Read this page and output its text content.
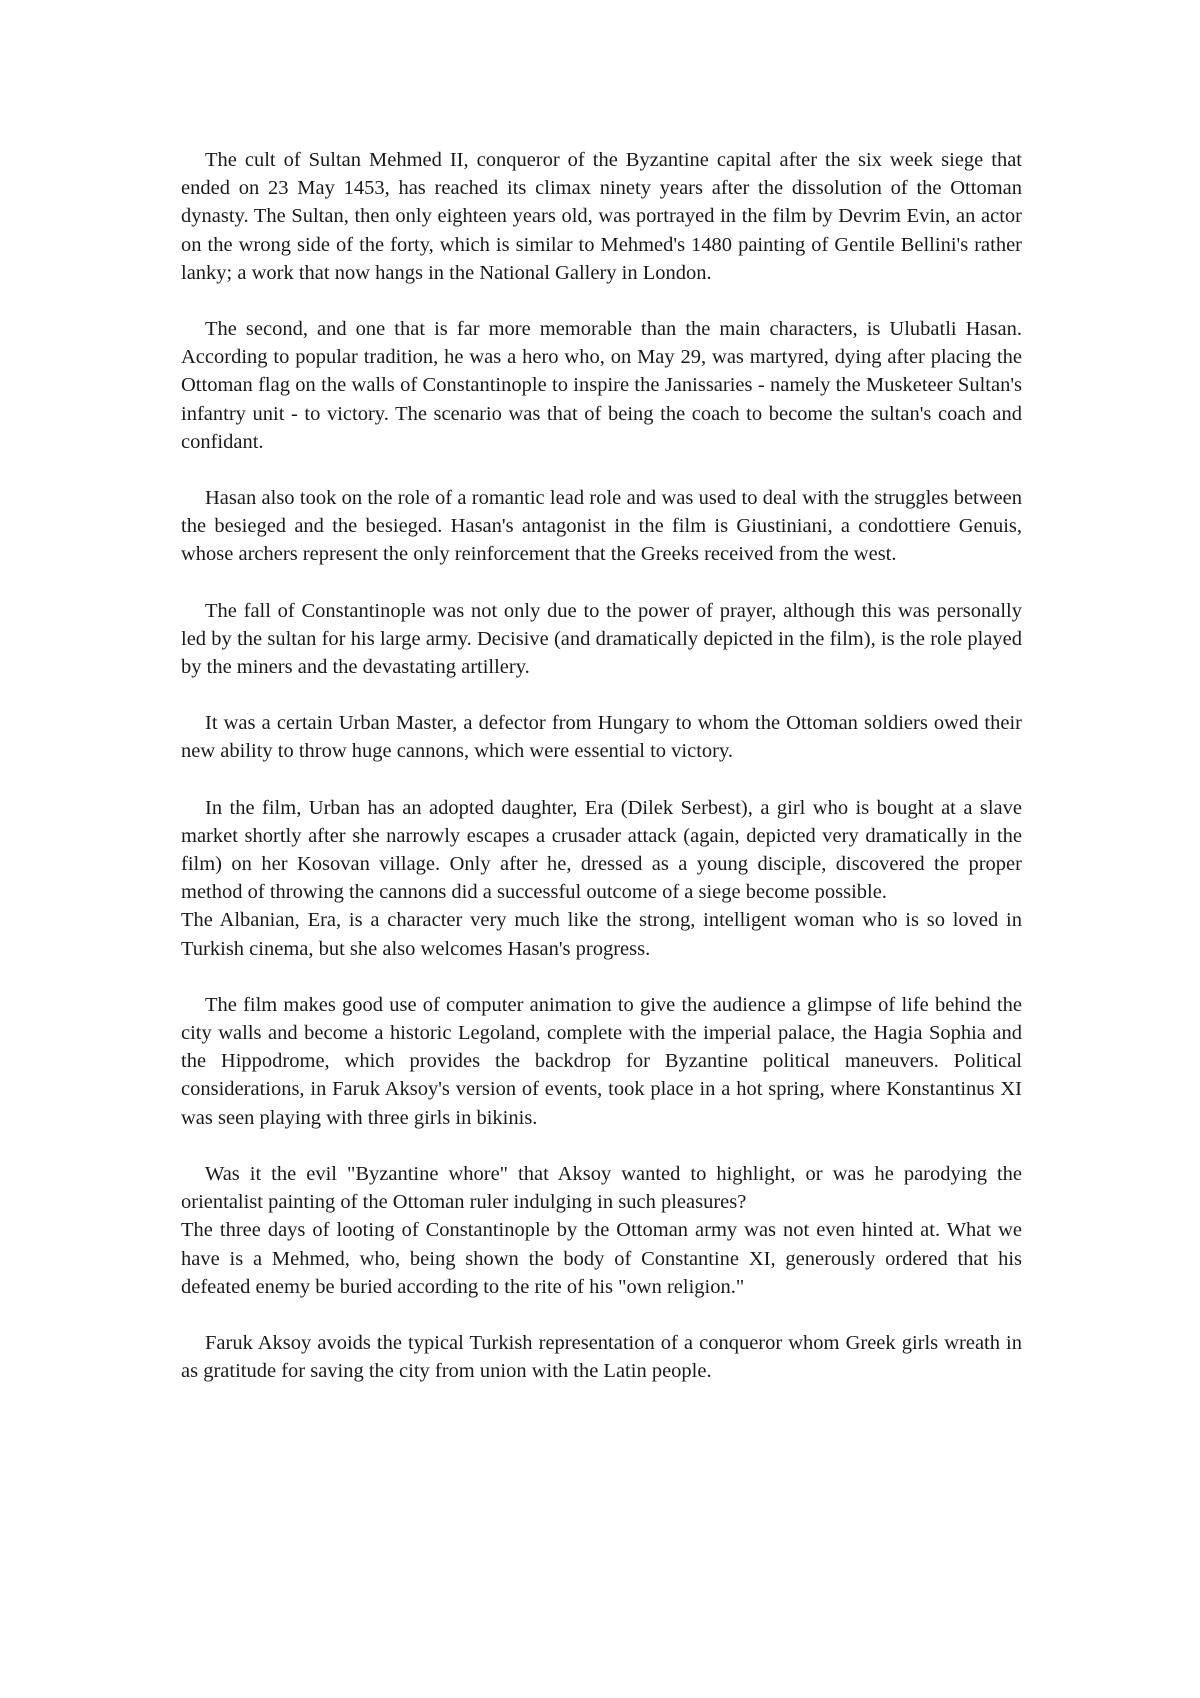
The cult of Sultan Mehmed II, conqueror of the Byzantine capital after the six week siege that ended on 23 May 1453, has reached its climax ninety years after the dissolution of the Ottoman dynasty. The Sultan, then only eighteen years old, was portrayed in the film by Devrim Evin, an actor on the wrong side of the forty, which is similar to Mehmed's 1480 painting of Gentile Bellini's rather lanky; a work that now hangs in the National Gallery in London.

The second, and one that is far more memorable than the main characters, is Ulubatli Hasan. According to popular tradition, he was a hero who, on May 29, was martyred, dying after placing the Ottoman flag on the walls of Constantinople to inspire the Janissaries - namely the Musketeer Sultan's infantry unit - to victory. The scenario was that of being the coach to become the sultan's coach and confidant.

Hasan also took on the role of a romantic lead role and was used to deal with the struggles between the besieged and the besieged. Hasan's antagonist in the film is Giustiniani, a condottiere Genuis, whose archers represent the only reinforcement that the Greeks received from the west.

The fall of Constantinople was not only due to the power of prayer, although this was personally led by the sultan for his large army. Decisive (and dramatically depicted in the film), is the role played by the miners and the devastating artillery.

It was a certain Urban Master, a defector from Hungary to whom the Ottoman soldiers owed their new ability to throw huge cannons, which were essential to victory.

In the film, Urban has an adopted daughter, Era (Dilek Serbest), a girl who is bought at a slave market shortly after she narrowly escapes a crusader attack (again, depicted very dramatically in the film) on her Kosovan village. Only after he, dressed as a young disciple, discovered the proper method of throwing the cannons did a successful outcome of a siege become possible.

The Albanian, Era, is a character very much like the strong, intelligent woman who is so loved in Turkish cinema, but she also welcomes Hasan's progress.

The film makes good use of computer animation to give the audience a glimpse of life behind the city walls and become a historic Legoland, complete with the imperial palace, the Hagia Sophia and the Hippodrome, which provides the backdrop for Byzantine political maneuvers. Political considerations, in Faruk Aksoy's version of events, took place in a hot spring, where Konstantinus XI was seen playing with three girls in bikinis.

Was it the evil "Byzantine whore" that Aksoy wanted to highlight, or was he parodying the orientalist painting of the Ottoman ruler indulging in such pleasures?

The three days of looting of Constantinople by the Ottoman army was not even hinted at. What we have is a Mehmed, who, being shown the body of Constantine XI, generously ordered that his defeated enemy be buried according to the rite of his "own religion."

Faruk Aksoy avoids the typical Turkish representation of a conqueror whom Greek girls wreath in as gratitude for saving the city from union with the Latin people.
